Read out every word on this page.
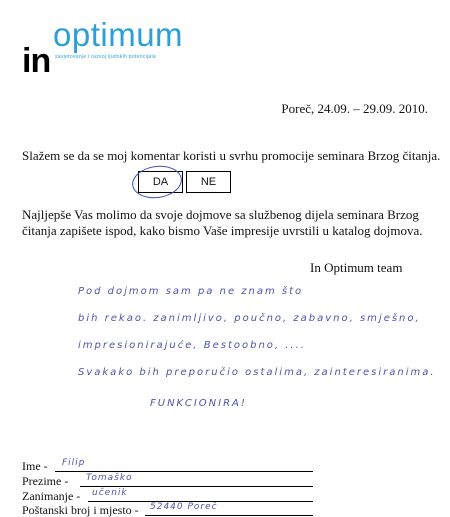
in
optimum
savjetovanje i razvoj ljudskih potencijala
Poreč, 24.09. – 29.09. 2010.
Slažem se da se moj komentar koristi u svrhu promocije seminara Brzog čitanja.
DA	NE
Najljepše Vas molimo da svoje dojmove sa službenog dijela seminara Brzog čitanja zapišete ispod, kako bismo Vaše impresije uvrstili u katalog dojmova.
In Optimum team
Pod dojmom sam pa ne znam što
bih rekao. zanimljivo, poučno, zabavno, smješno,
impresionirajuće, Bestoobno, ....
Svakako bih preporučio ostalima, zainteresiranima.
FUNKCIONIRA!
Ime - Filip
Prezime - Tomaško
Zanimanje - učenik
Poštanski broj i mjesto - 52440 Poreč
